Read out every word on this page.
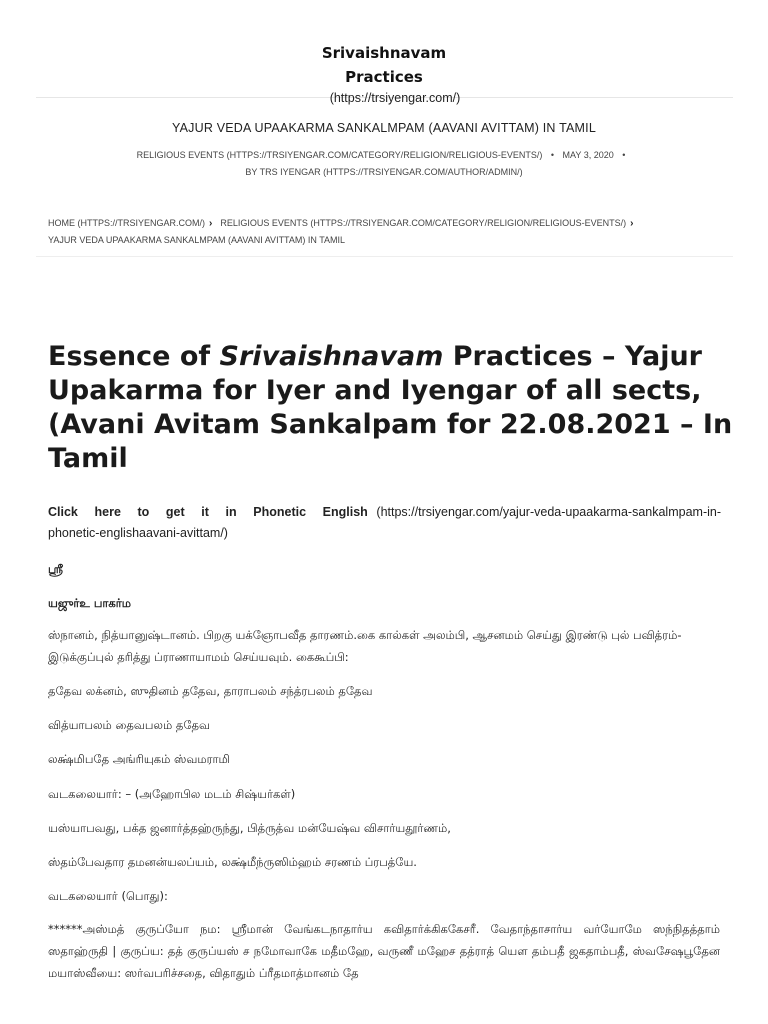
Srivaishnavam
Practices
(https://trsiyengar.com/)
YAJUR VEDA UPAAKARMA SANKALMPAM (AAVANI AVITTAM) IN TAMIL
RELIGIOUS EVENTS (HTTPS://TRSIYENGAR.COM/CATEGORY/RELIGION/RELIGIOUS-EVENTS/) • MAY 3, 2020 •
BY TRS IYENGAR (HTTPS://TRSIYENGAR.COM/AUTHOR/ADMIN/)
HOME (HTTPS://TRSIYENGAR.COM/) › RELIGIOUS EVENTS (HTTPS://TRSIYENGAR.COM/CATEGORY/RELIGION/RELIGIOUS-EVENTS/) ›
YAJUR VEDA UPAAKARMA SANKALMPAM (AAVANI AVITTAM) IN TAMIL
Essence of Srivaishnavam Practices – Yajur Upakarma for Iyer and Iyengar of all sects, (Avani Avitam Sankalpam for 22.08.2021 – In Tamil
Click here to get it in Phonetic English (https://trsiyengar.com/yajur-veda-upaakarma-sankalmpam-in-phonetic-englishaavani-avittam/)
ஸ்ரீ
யஜுர்உ பாகர்ம
ஸ்நானம், நித்யானுஷ்டானம். பிறகு யக்ஞோபவீத தாரணம்.கை கால்கள் அலம்பி, ஆசனமம் செய்து இரண்டு புல் பவித்ரம்- இடுக்குப்புல் தரித்து ப்ராணாயாமம் செய்யவும். கைகூப்பி:
ததேவ லக்னம், ஸுதினம் ததேவ, தாராபலம் சந்த்ரபலம் ததேவ
வித்யாபலம் தைவபலம் ததேவ
லக்ஷ்மிபதே அங்ரியுகம் ஸ்வமராமி
வடகலையார்: – (அஹோபில மடம் சிஷ்யர்கள்)
யஸ்யாபவது, பக்த ஜனார்த்தஹ்ருந்து, பித்ருத்வ மன்யேஷ்வ விசார்யதூர்ணம்,
ஸ்தம்பேவதார தமனன்யலப்யம், லக்ஷ்மீந்ருஸிம்ஹம் சரணம் ப்ரபத்யே.
வடகலையார் (பொது):
******அஸ்மத் குருப்யோ நம: ஸ்ரீமான் வேங்கடநாதார்ய கவிதார்க்கிககேசரீ. வேதாந்தாசார்ய வர்யோமே ஸந்நிதத்தாம் ஸதாஹ்ருதி | குருப்ய: தத் குருப்யஸ் ச நமோவாகே மதீமஹே, வருணீ மஹேச தத்ராத் யௌ தம்பதீ ஜகதாம்பதீ, ஸ்வசேஷபூதேன மயாஸ்வீயை: ஸர்வபரிச்சதை, விதாதும் ப்ரீதமாத்மானம் தே
